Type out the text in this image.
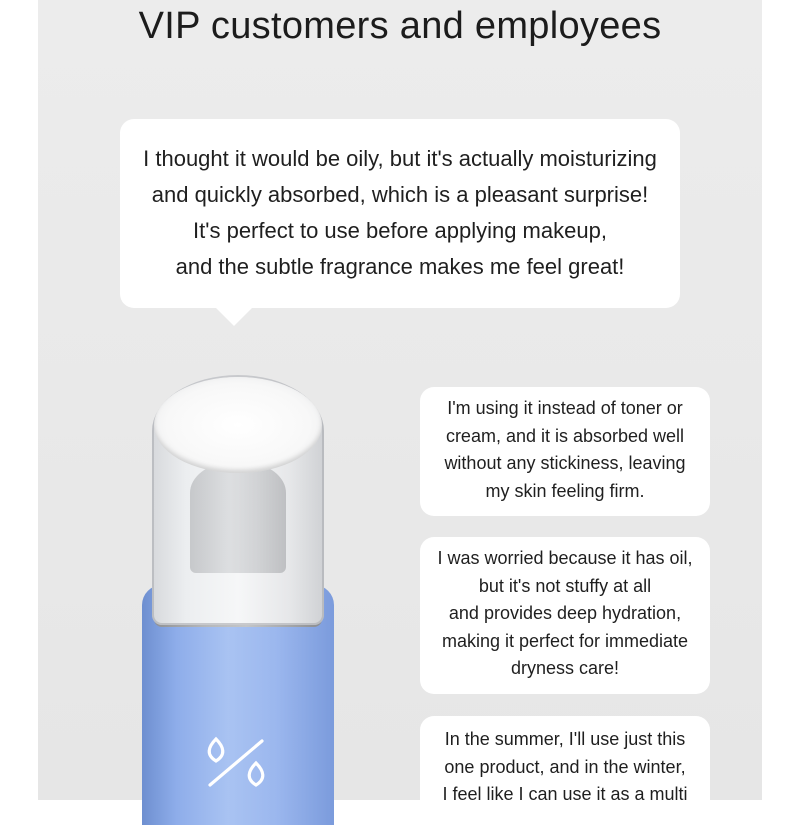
VIP customers and employees
I thought it would be oily, but it's actually moisturizing
and quickly absorbed, which is a pleasant surprise!
It's perfect to use before applying makeup,
and the subtle fragrance makes me feel great!
I'm using it instead of toner or
cream, and it is absorbed well
without any stickiness, leaving
my skin feeling firm.
I was worried because it has oil,
but it's not stuffy at all
and provides deep hydration,
making it perfect for immediate
dryness care!
In the summer, I'll use just this
one product, and in the winter,
I feel like I can use it as a multi
